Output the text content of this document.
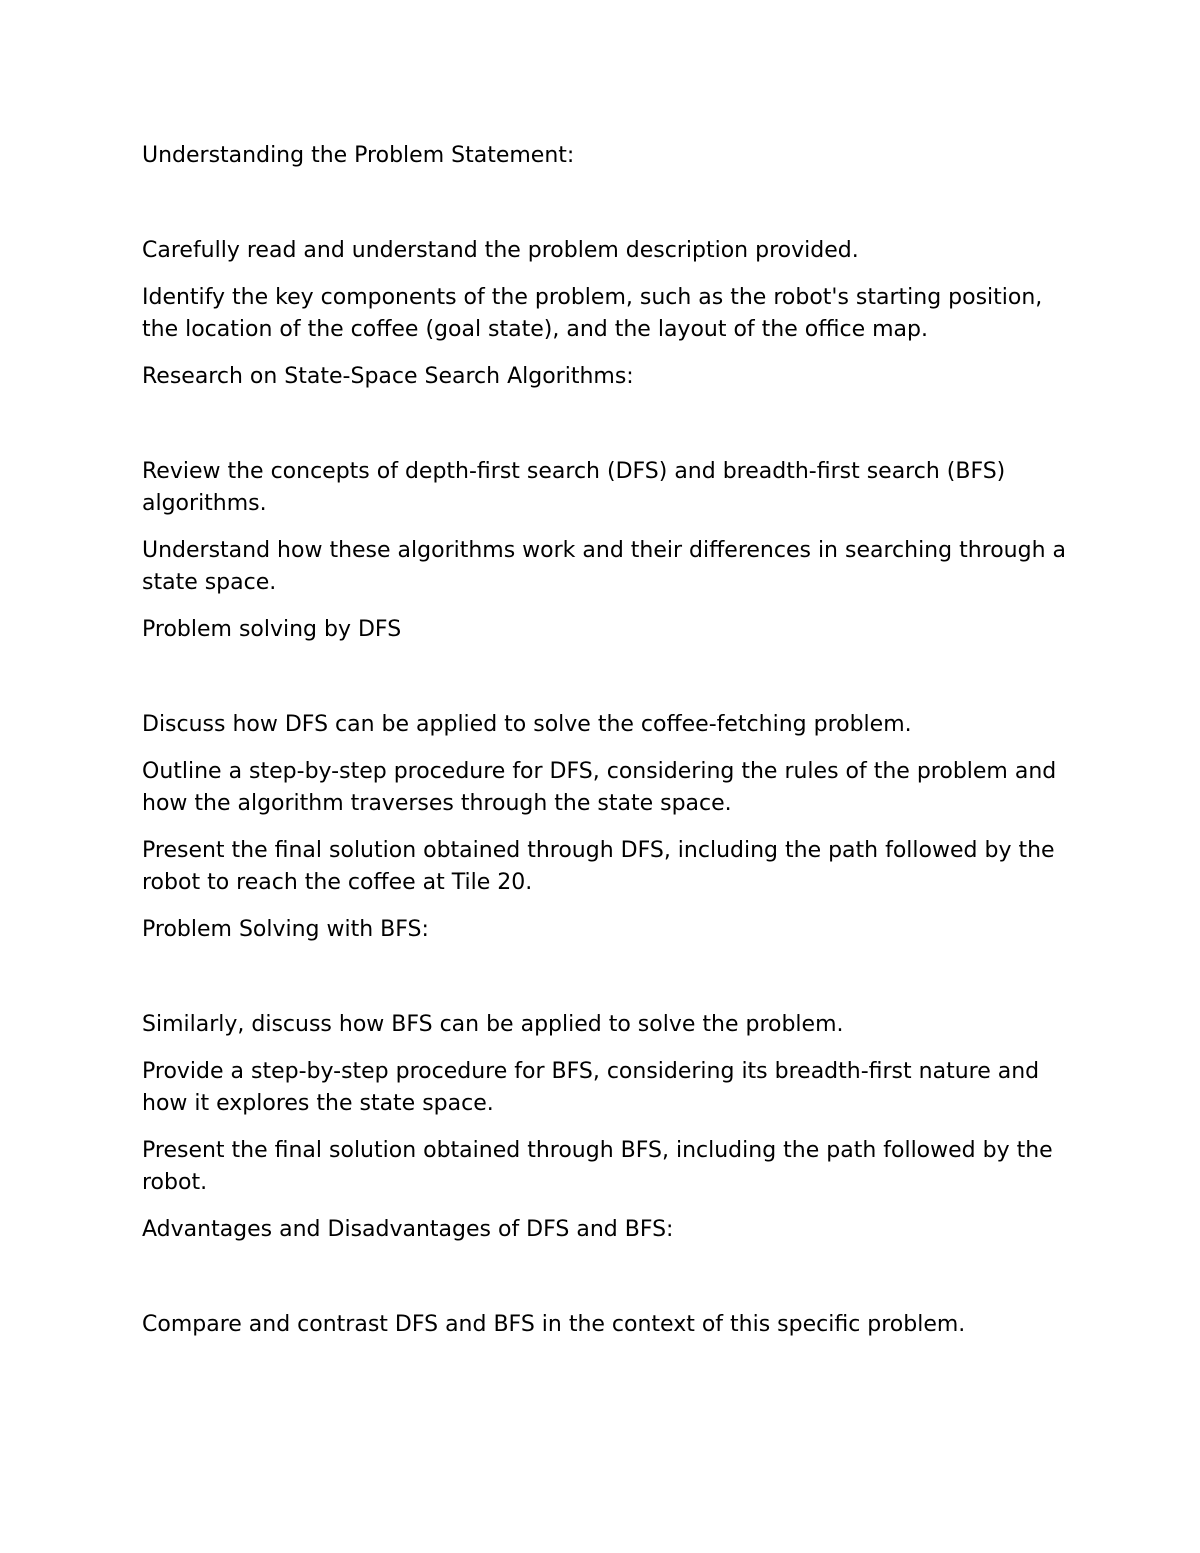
Understanding the Problem Statement:

Carefully read and understand the problem description provided.

Identify the key components of the problem, such as the robot's starting position, the location of the coffee (goal state), and the layout of the office map.

Research on State-Space Search Algorithms:

Review the concepts of depth-first search (DFS) and breadth-first search (BFS) algorithms.

Understand how these algorithms work and their differences in searching through a state space.

Problem solving by DFS

Discuss how DFS can be applied to solve the coffee-fetching problem.

Outline a step-by-step procedure for DFS, considering the rules of the problem and how the algorithm traverses through the state space.

Present the final solution obtained through DFS, including the path followed by the robot to reach the coffee at Tile 20.

Problem Solving with BFS:

Similarly, discuss how BFS can be applied to solve the problem.

Provide a step-by-step procedure for BFS, considering its breadth-first nature and how it explores the state space.

Present the final solution obtained through BFS, including the path followed by the robot.

Advantages and Disadvantages of DFS and BFS:

Compare and contrast DFS and BFS in the context of this specific problem.
